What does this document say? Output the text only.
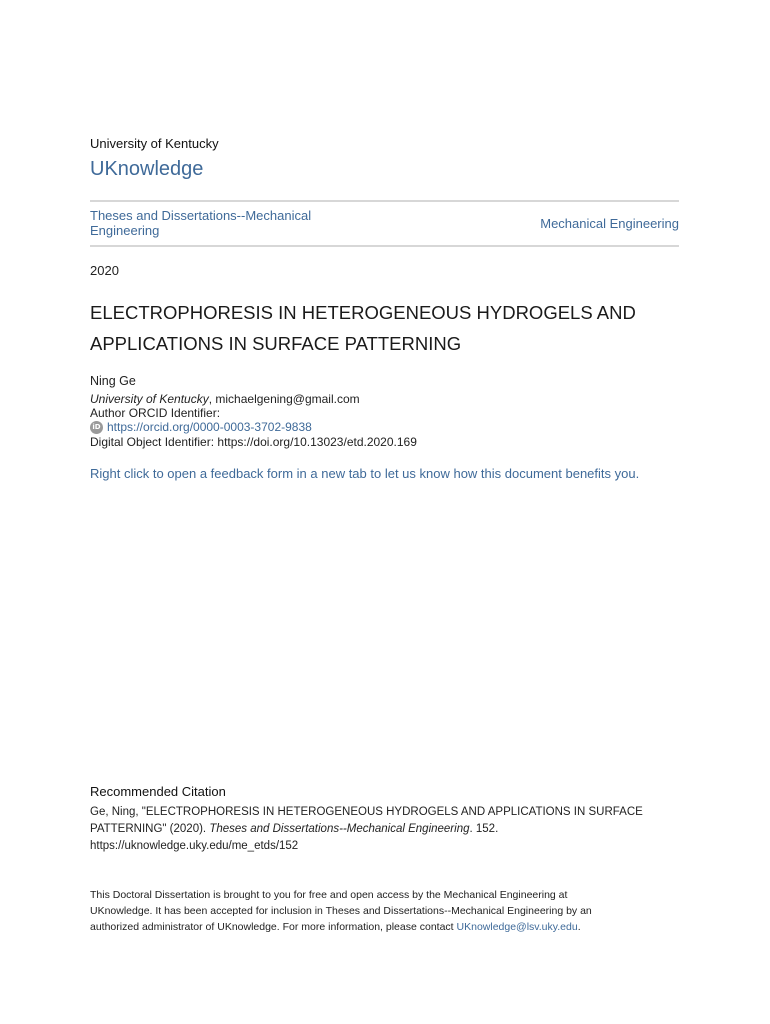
University of Kentucky
UKnowledge
Theses and Dissertations--Mechanical
Engineering	Mechanical Engineering
2020
ELECTROPHORESIS IN HETEROGENEOUS HYDROGELS AND
APPLICATIONS IN SURFACE PATTERNING
Ning Ge
University of Kentucky, michaelgening@gmail.com
Author ORCID Identifier:
iD https://orcid.org/0000-0003-3702-9838
Digital Object Identifier: https://doi.org/10.13023/etd.2020.169
Right click to open a feedback form in a new tab to let us know how this document benefits you.
Recommended Citation
Ge, Ning, "ELECTROPHORESIS IN HETEROGENEOUS HYDROGELS AND APPLICATIONS IN SURFACE
PATTERNING" (2020). Theses and Dissertations--Mechanical Engineering. 152.
https://uknowledge.uky.edu/me_etds/152
This Doctoral Dissertation is brought to you for free and open access by the Mechanical Engineering at
UKnowledge. It has been accepted for inclusion in Theses and Dissertations--Mechanical Engineering by an
authorized administrator of UKnowledge. For more information, please contact UKnowledge@lsv.uky.edu.
